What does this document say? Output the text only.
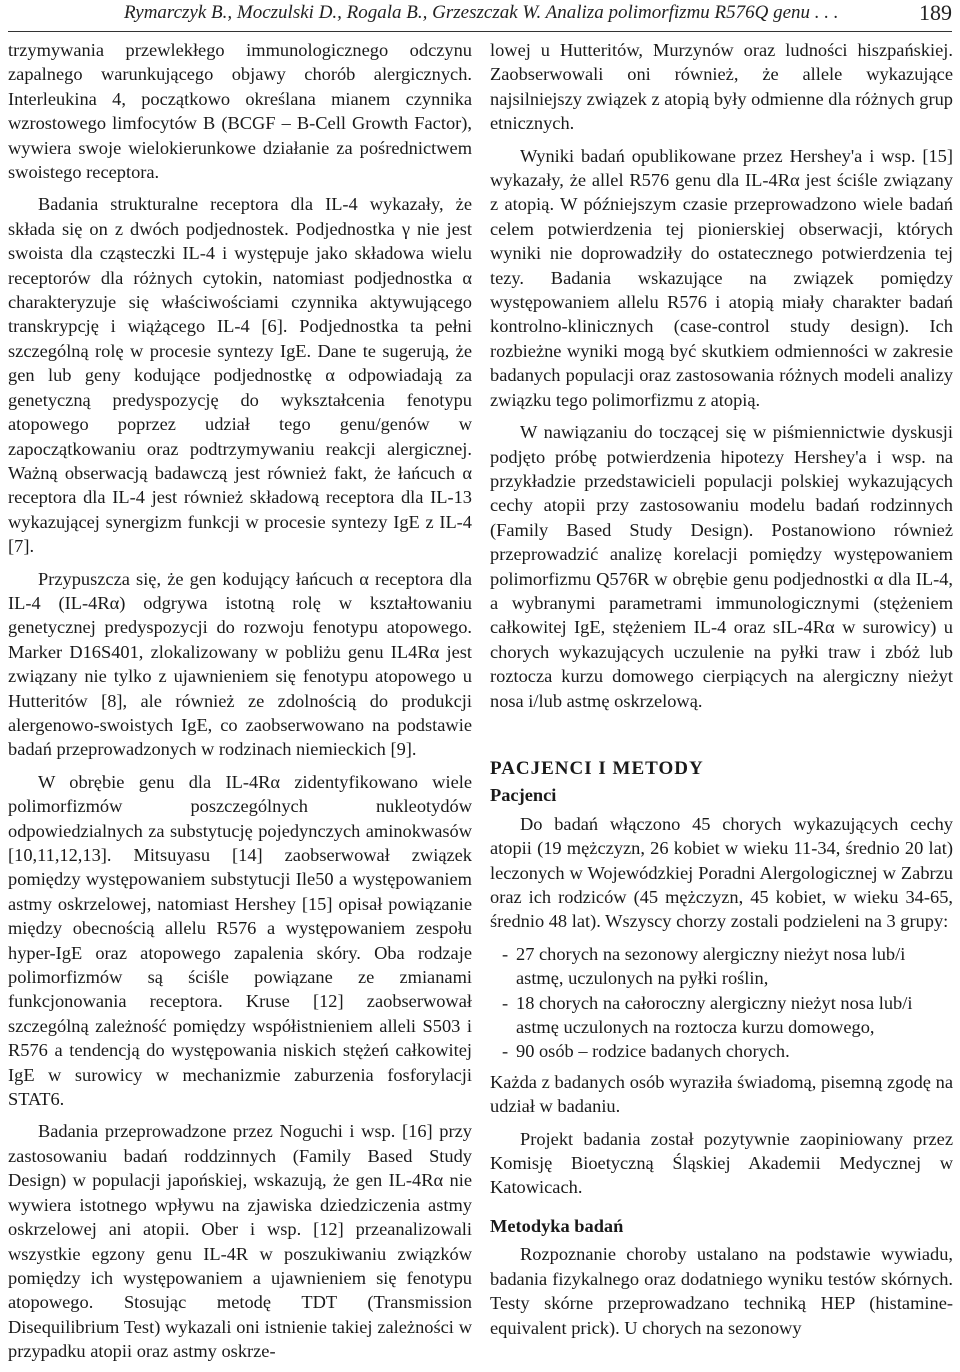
Rymarczyk B., Moczulski D., Rogala B., Grzeszczak W. Analiza polimorfizmu R576Q genu . . .	189

trzymywania przewlekłego immunologicznego odczynu zapalnego warunkującego objawy chorób alergicznych. Interleukina 4, początkowo określana mianem czynnika wzrostowego limfocytów B (BCGF – B-Cell Growth Factor), wywiera swoje wielokierunkowe działanie za pośrednictwem swoistego receptora.

Badania strukturalne receptora dla IL-4 wykazały, że składa się on z dwóch podjednostek. Podjednostka γ nie jest swoista dla cząsteczki IL-4 i występuje jako składowa wielu receptorów dla różnych cytokin, natomiast podjednostka α charakteryzuje się właściwościami czynnika aktywującego transkrypcję i wiążącego IL-4 [6]. Podjednostka ta pełni szczególną rolę w procesie syntezy IgE. Dane te sugerują, że gen lub geny kodujące podjednostkę α odpowiadają za genetyczną predyspozycję do wykształcenia fenotypu atopowego poprzez udział tego genu/genów w zapoczątkowaniu oraz podtrzymywaniu reakcji alergicznej. Ważną obserwacją badawczą jest również fakt, że łańcuch α receptora dla IL-4 jest również składową receptora dla IL-13 wykazującej synergizm funkcji w procesie syntezy IgE z IL-4 [7].

Przypuszcza się, że gen kodujący łańcuch α receptora dla IL-4 (IL-4Rα) odgrywa istotną rolę w kształtowaniu genetycznej predyspozycji do rozwoju fenotypu atopowego. Marker D16S401, zlokalizowany w pobliżu genu IL4Rα jest związany nie tylko z ujawnieniem się fenotypu atopowego u Hutteritów [8], ale również ze zdolnością do produkcji alergenowo-swoistych IgE, co zaobserwowano na podstawie badań przeprowadzonych w rodzinach niemieckich [9].

W obrębie genu dla IL-4Rα zidentyfikowano wiele polimorfizmów poszczególnych nukleotydów odpowiedzialnych za substytucję pojedynczych aminokwasów [10,11,12,13]. Mitsuyasu [14] zaobserwował związek pomiędzy występowaniem substytucji Ile50 a występowaniem astmy oskrzelowej, natomiast Hershey [15] opisał powiązanie między obecnością allelu R576 a występowaniem zespołu hyper-IgE oraz atopowego zapalenia skóry. Oba rodzaje polimorfizmów są ściśle powiązane ze zmianami funkcjonowania receptora. Kruse [12] zaobserwował szczególną zależność pomiędzy współistnieniem alleli S503 i R576 a tendencją do występowania niskich stężeń całkowitej IgE w surowicy w mechanizmie zaburzenia fosforylacji STAT6.

Badania przeprowadzone przez Noguchi i wsp. [16] przy zastosowaniu badań roddzinnych (Family Based Study Design) w populacji japońskiej, wskazują, że gen IL-4Rα nie wywiera istotnego wpływu na zjawiska dziedziczenia astmy oskrzelowej ani atopii. Ober i wsp. [12] przeanalizowali wszystkie egzony genu IL-4R w poszukiwaniu związków pomiędzy ich występowaniem a ujawnieniem się fenotypu atopowego. Stosując metodę TDT (Transmission Disequilibrium Test) wykazali oni istnienie takiej zależności w przypadku atopii oraz astmy oskrze-

lowej u Hutteritów, Murzynów oraz ludności hiszpańskiej. Zaobserwowali oni również, że allele wykazujące najsilniejszy związek z atopią były odmienne dla różnych grup etnicznych.

Wyniki badań opublikowane przez Hershey'a i wsp. [15] wykazały, że allel R576 genu dla IL-4Rα jest ściśle związany z atopią. W późniejszym czasie przeprowadzono wiele badań celem potwierdzenia tej pionierskiej obserwacji, których wyniki nie doprowadziły do ostatecznego potwierdzenia tej tezy. Badania wskazujące na związek pomiędzy występowaniem allelu R576 i atopią miały charakter badań kontrolno-klinicznych (case-control study design). Ich rozbieżne wyniki mogą być skutkiem odmienności w zakresie badanych populacji oraz zastosowania różnych modeli analizy związku tego polimorfizmu z atopią.

W nawiązaniu do toczącej się w piśmiennictwie dyskusji podjęto próbę potwierdzenia hipotezy Hershey'a i wsp. na przykładzie przedstawicieli populacji polskiej wykazujących cechy atopii przy zastosowaniu modelu badań rodzinnych (Family Based Study Design). Postanowiono również przeprowadzić analizę korelacji pomiędzy występowaniem polimorfizmu Q576R w obrębie genu podjednostki α dla IL-4, a wybranymi parametrami immunologicznymi (stężeniem całkowitej IgE, stężeniem IL-4 oraz sIL-4Rα w surowicy) u chorych wykazujących uczulenie na pyłki traw i zbóż lub roztocza kurzu domowego cierpiących na alergiczny nieżyt nosa i/lub astmę oskrzelową.

PACJENCI I METODY
Pacjenci

Do badań włączono 45 chorych wykazujących cechy atopii (19 mężczyzn, 26 kobiet w wieku 11-34, średnio 20 lat) leczonych w Wojewódzkiej Poradni Alergologicznej w Zabrzu oraz ich rodziców (45 mężczyzn, 45 kobiet, w wieku 34-65, średnio 48 lat). Wszyscy chorzy zostali podzieleni na 3 grupy:

- 27 chorych na sezonowy alergiczny nieżyt nosa lub/i astmę, uczulonych na pyłki roślin,
- 18 chorych na całoroczny alergiczny nieżyt nosa lub/i astmę uczulonych na roztocza kurzu domowego,
- 90 osób – rodzice badanych chorych.

Każda z badanych osób wyraziła świadomą, pisemną zgodę na udział w badaniu.

Projekt badania został pozytywnie zaopiniowany przez Komisję Bioetyczną Śląskiej Akademii Medycznej w Katowicach.

Metodyka badań

Rozpoznanie choroby ustalano na podstawie wywiadu, badania fizykalnego oraz dodatniego wyniku testów skórnych. Testy skórne przeprowadzano techniką HEP (histamine-equivalent prick). U chorych na sezonowy
